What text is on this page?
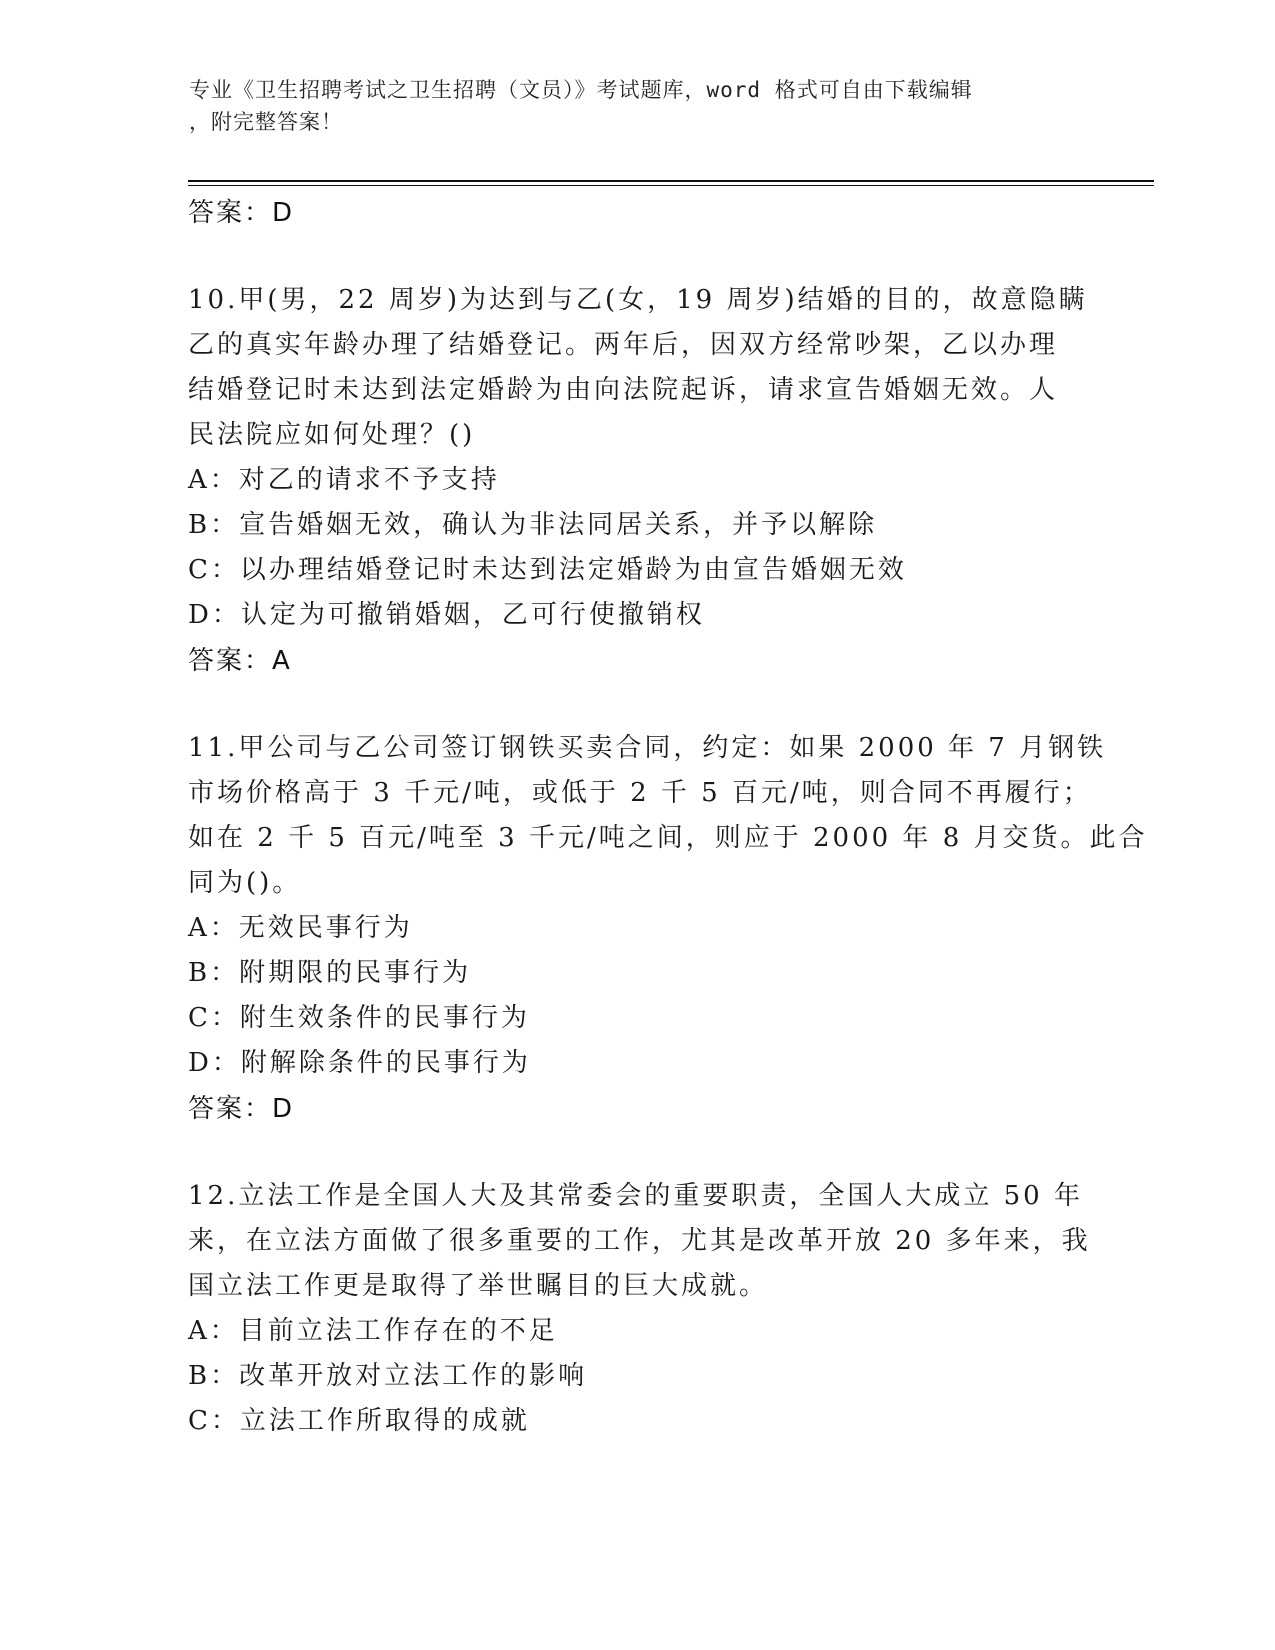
专业《卫生招聘考试之卫生招聘（文员）》考试题库，word 格式可自由下载编辑
，附完整答案！
答案：D
10.甲(男，22 周岁)为达到与乙(女，19 周岁)结婚的目的，故意隐瞒
乙的真实年龄办理了结婚登记。两年后，因双方经常吵架，乙以办理
结婚登记时未达到法定婚龄为由向法院起诉，请求宣告婚姻无效。人
民法院应如何处理？()
A：对乙的请求不予支持
B：宣告婚姻无效，确认为非法同居关系，并予以解除
C：以办理结婚登记时未达到法定婚龄为由宣告婚姻无效
D：认定为可撤销婚姻，乙可行使撤销权
答案：A
11.甲公司与乙公司签订钢铁买卖合同，约定：如果 2000 年 7 月钢铁
市场价格高于 3 千元/吨，或低于 2 千 5 百元/吨，则合同不再履行；
如在 2 千 5 百元/吨至 3 千元/吨之间，则应于 2000 年 8 月交货。此合
同为()。
A：无效民事行为
B：附期限的民事行为
C：附生效条件的民事行为
D：附解除条件的民事行为
答案：D
12.立法工作是全国人大及其常委会的重要职责，全国人大成立 50 年
来，在立法方面做了很多重要的工作，尤其是改革开放 20 多年来，我
国立法工作更是取得了举世瞩目的巨大成就。
A：目前立法工作存在的不足
B：改革开放对立法工作的影响
C：立法工作所取得的成就
